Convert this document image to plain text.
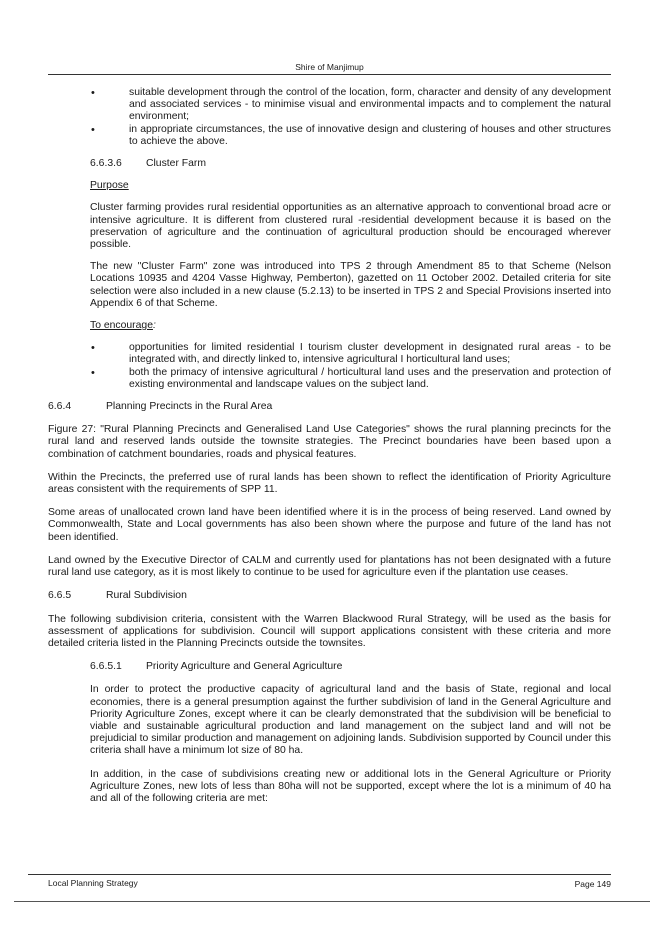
Shire of Manjimup
• suitable development through the control of the location, form, character and density of any development and associated services - to minimise visual and environmental impacts and to complement the natural environment;
• in appropriate circumstances, the use of innovative design and clustering of houses and other structures to achieve the above.
6.6.3.6 Cluster Farm

Purpose

Cluster farming provides rural residential opportunities as an alternative approach to conventional broad acre or intensive agriculture. It is different from clustered rural -residential development because it is based on the preservation of agriculture and the continuation of agricultural production should be encouraged wherever possible.

The new "Cluster Farm" zone was introduced into TPS 2 through Amendment 85 to that Scheme (Nelson Locations 10935 and 4204 Vasse Highway, Pemberton), gazetted on 11 October 2002. Detailed criteria for site selection were also included in a new clause (5.2.13) to be inserted in TPS 2 and Special Provisions inserted into Appendix 6 of that Scheme.

To encourage:

• opportunities for limited residential I tourism cluster development in designated rural areas - to be integrated with, and directly linked to, intensive agricultural I horticultural land uses;
• both the primacy of intensive agricultural / horticultural land uses and the preservation and protection of existing environmental and landscape values on the subject land.
6.6.4	Planning Precincts in the Rural Area

Figure 27: "Rural Planning Precincts and Generalised Land Use Categories" shows the rural planning precincts for the rural land and reserved lands outside the townsite strategies. The Precinct boundaries have been based upon a combination of catchment boundaries, roads and physical features.

Within the Precincts, the preferred use of rural lands has been shown to reflect the identification of Priority Agriculture areas consistent with the requirements of SPP 11.

Some areas of unallocated crown land have been identified where it is in the process of being reserved. Land owned by Commonwealth, State and Local governments has also been shown where the purpose and future of the land has not been identified.

Land owned by the Executive Director of CALM and currently used for plantations has not been designated with a future rural land use category, as it is most likely to continue to be used for agriculture even if the plantation use ceases.

6.6.5	Rural Subdivision

The following subdivision criteria, consistent with the Warren Blackwood Rural Strategy, will be used as the basis for assessment of applications for subdivision. Council will support applications consistent with these criteria and more detailed criteria listed in the Planning Precincts outside the townsites.

6.6.5.1 Priority Agriculture and General Agriculture

In order to protect the productive capacity of agricultural land and the basis of State, regional and local economies, there is a general presumption against the further subdivision of land in the General Agriculture and Priority Agriculture Zones, except where it can be clearly demonstrated that the subdivision will be beneficial to viable and sustainable agricultural production and land management on the subject land and will not be prejudicial to similar production and management on adjoining lands. Subdivision supported by Council under this criteria shall have a minimum lot size of 80 ha.

In addition, in the case of subdivisions creating new or additional lots in the General Agriculture or Priority Agriculture Zones, new lots of less than 80ha will not be supported, except where the lot is a minimum of 40 ha and all of the following criteria are met:

Local Planning Strategy	Page 149
